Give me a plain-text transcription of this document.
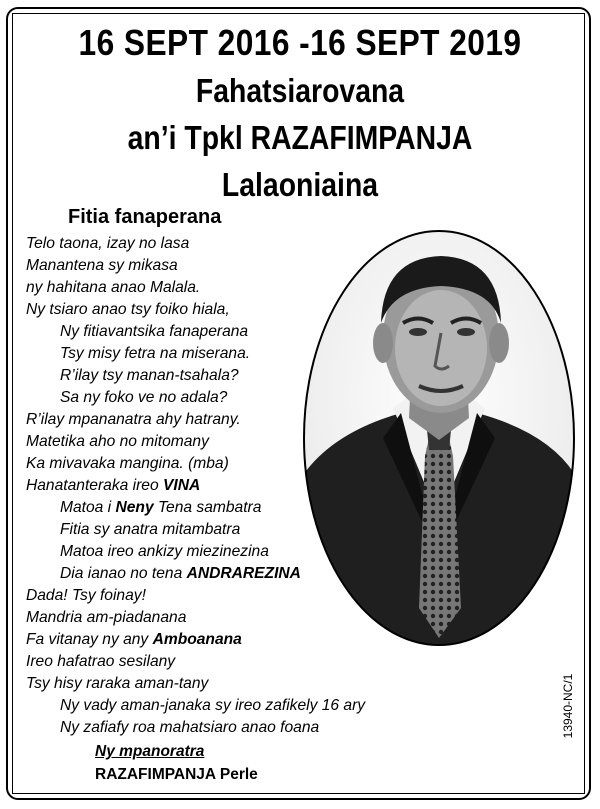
16 SEPT 2016 -16 SEPT 2019
Fahatsiarovana
an’i Tpkl RAZAFIMPANJA
Lalaoniaina
Fitia fanaperana
Telo taona, izay no lasa
Manantena sy mikasa
ny hahitana anao Malala.
Ny tsiaro anao tsy foiko hiala,
Ny fitiavantsika fanaperana
Tsy misy fetra na miserana.
R’ilay tsy manan-tsahala?
Sa ny foko ve no adala?
R’ilay mpananatra ahy hatrany.
Matetika aho no mitomany
Ka mivavaka mangina. (mba)
Hanatanteraka ireo VINA
Matoa i Neny Tena sambatra
Fitia sy anatra mitambatra
Matoa ireo ankizy miezinezina
Dia ianao no tena ANDRAREZINA
Dada! Tsy foinay!
Mandria am-piadanana
Fa vitanay ny any Amboanana
Ireo hafatrao sesilany
Tsy hisy raraka aman-tany
Ny vady aman-janaka sy ireo zafikely 16 ary
Ny zafiafy roa mahatsiaro anao foana	13940-NC/1
Ny mpanoratra
RAZAFIMPANJA Perle
